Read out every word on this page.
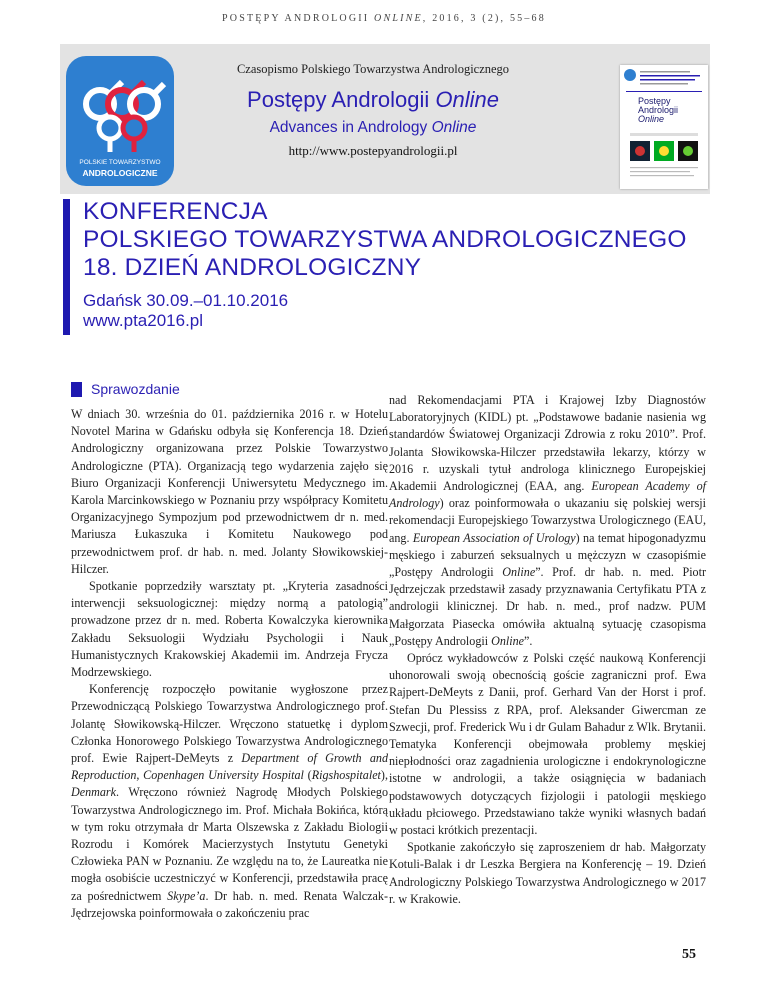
POSTĘPY ANDROLOGII ONLINE, 2016, 3 (2), 55–68
POLSKIE TOWARZYSTWO
ANDROLOGICZNE
Czasopismo Polskiego Towarzystwa Andrologicznego
Postępy Andrologii Online
Advances in Andrology Online
http://www.postepyandrologii.pl
Postępy
Andrologii
Online
KONFERENCJA
POLSKIEGO TOWARZYSTWA ANDROLOGICZNEGO
18. DZIEŃ ANDROLOGICZNY
Gdańsk 30.09.–01.10.2016
www.pta2016.pl
Sprawozdanie

W dniach 30. września do 01. października 2016 r. w Hotelu Novotel Marina w Gdańsku odbyła się Konferencja 18. Dzień Andrologiczny organizowana przez Polskie Towarzystwo Andrologiczne (PTA). Organizacją tego wydarzenia zajęło się Biuro Organizacji Konferencji Uniwersytetu Medycznego im. Karola Marcinkowskiego w Poznaniu przy współpracy Komitetu Organizacyjnego Sympozjum pod przewodnictwem dr n. med. Mariusza Łukaszuka i Komitetu Naukowego pod przewodnictwem prof. dr hab. n. med. Jolanty Słowikowskiej-Hilczer.

Spotkanie poprzedziły warsztaty pt. „Kryteria zasadności interwencji seksuologicznej: między normą a patologią” prowadzone przez dr n. med. Roberta Kowalczyka kierownika Zakładu Seksuologii Wydziału Psychologii i Nauk Humanistycznych Krakowskiej Akademii im. Andrzeja Frycza Modrzewskiego.

Konferencję rozpoczęło powitanie wygłoszone przez Przewodniczącą Polskiego Towarzystwa Andrologicznego prof. Jolantę Słowikowską-Hilczer. Wręczono statuetkę i dyplom Członka Honorowego Polskiego Towarzystwa Andrologicznego prof. Ewie Rajpert-DeMeyts z Department of Growth and Reproduction, Copenhagen University Hospital (Rigshospitalet), Denmark. Wręczono również Nagrodę Młodych Polskiego Towarzystwa Andrologicznego im. Prof. Michała Bokińca, którą w tym roku otrzymała dr Marta Olszewska z Zakładu Biologii Rozrodu i Komórek Macierzystych Instytutu Genetyki Człowieka PAN w Poznaniu. Ze względu na to, że Laureatka nie mogła osobiście uczestniczyć w Konferencji, przedstawiła pracę za pośrednictwem Skype’a. Dr hab. n. med. Renata Walczak-Jędrzejowska poinformowała o zakończeniu prac

nad Rekomendacjami PTA i Krajowej Izby Diagnostów Laboratoryjnych (KIDL) pt. „Podstawowe badanie nasienia wg standardów Światowej Organizacji Zdrowia z roku 2010”. Prof. Jolanta Słowikowska-Hilczer przedstawiła lekarzy, którzy w 2016 r. uzyskali tytuł androloga klinicznego Europejskiej Akademii Andrologicznej (EAA, ang. European Academy of Andrology) oraz poinformowała o ukazaniu się polskiej wersji rekomendacji Europejskiego Towarzystwa Urologicznego (EAU, ang. European Association of Urology) na temat hipogonadyzmu męskiego i zaburzeń seksualnych u mężczyzn w czasopiśmie „Postępy Andrologii Online”. Prof. dr hab. n. med. Piotr Jędrzejczak przedstawił zasady przyznawania Certyfikatu PTA z andrologii klinicznej. Dr hab. n. med., prof nadzw. PUM Małgorzata Piasecka omówiła aktualną sytuację czasopisma „Postępy Andrologii Online”.

Oprócz wykładowców z Polski część naukową Konferencji uhonorowali swoją obecnością goście zagraniczni prof. Ewa Rajpert-DeMeyts z Danii, prof. Gerhard Van der Horst i prof. Stefan Du Plessiss z RPA, prof. Aleksander Giwercman ze Szwecji, prof. Frederick Wu i dr Gulam Bahadur z Wlk. Brytanii. Tematyka Konferencji obejmowała problemy męskiej niepłodności oraz zagadnienia urologiczne i endokrynologiczne istotne w andrologii, a także osiągnięcia w badaniach podstawowych dotyczących fizjologii i patologii męskiego układu płciowego. Przedstawiano także wyniki własnych badań w postaci krótkich prezentacji.

Spotkanie zakończyło się zaproszeniem dr hab. Małgorzaty Kotuli-Balak i dr Leszka Bergiera na Konferencję – 19. Dzień Andrologiczny Polskiego Towarzystwa Andrologicznego w 2017 r. w Krakowie.

55
